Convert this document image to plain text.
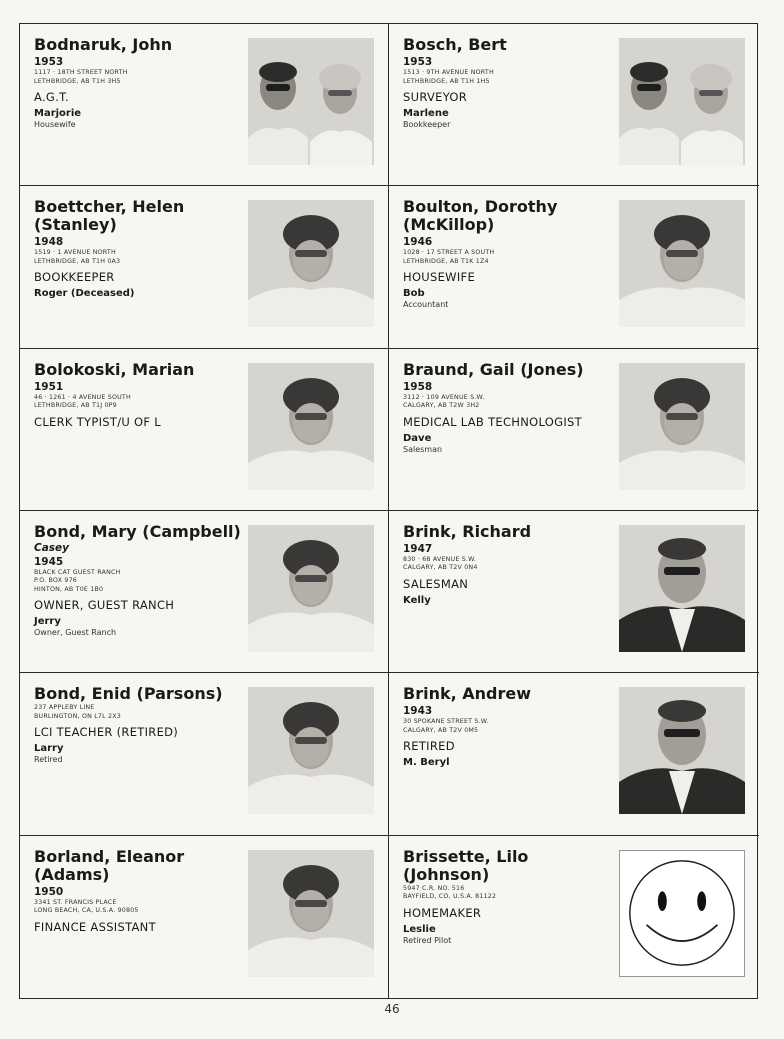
Bodnaruk, John
1953
1117 · 18TH STREET NORTH
LETHBRIDGE, AB T1H 3H5
A.G.T.
Marjorie
Housewife
Bosch, Bert
1953
1513 · 9TH AVENUE NORTH
LETHBRIDGE, AB T1H 1H5
SURVEYOR
Marlene
Bookkeeper
Boettcher, Helen (Stanley)
1948
1519 · 1 AVENUE NORTH
LETHBRIDGE, AB T1H 0A3
BOOKKEEPER
Roger (Deceased)
Boulton, Dorothy (McKillop)
1946
1028 · 17 STREET A SOUTH
LETHBRIDGE, AB T1K 1Z4
HOUSEWIFE
Bob
Accountant
Bolokoski, Marian
1951
46 · 1261 · 4 AVENUE SOUTH
LETHBRIDGE, AB T1J 0P9
CLERK TYPIST/U OF L
Braund, Gail (Jones)
1958
3112 · 109 AVENUE S.W.
CALGARY, AB T2W 3H2
MEDICAL LAB TECHNOLOGIST
Dave
Salesman
Bond, Mary (Campbell)
Casey
1945
BLACK CAT GUEST RANCH
P.O. BOX 976
HINTON, AB T0E 1B0
OWNER, GUEST RANCH
Jerry
Owner, Guest Ranch
Brink, Richard
1947
830 · 68 AVENUE S.W.
CALGARY, AB T2V 0N4
SALESMAN
Kelly
Bond, Enid (Parsons)
237 APPLEBY LINE
BURLINGTON, ON L7L 2X3
LCI TEACHER (RETIRED)
Larry
Retired
Brink, Andrew
1943
30 SPOKANE STREET S.W.
CALGARY, AB T2V 0M5
RETIRED
M. Beryl
Borland, Eleanor (Adams)
1950
3341 ST. FRANCIS PLACE
LONG BEACH, CA, U.S.A. 90805
FINANCE ASSISTANT
Brissette, Lilo (Johnson)
5947 C.R. NO. 516
BAYFIELD, CO, U.S.A. 81122
HOMEMAKER
Leslie
Retired Pilot
46
